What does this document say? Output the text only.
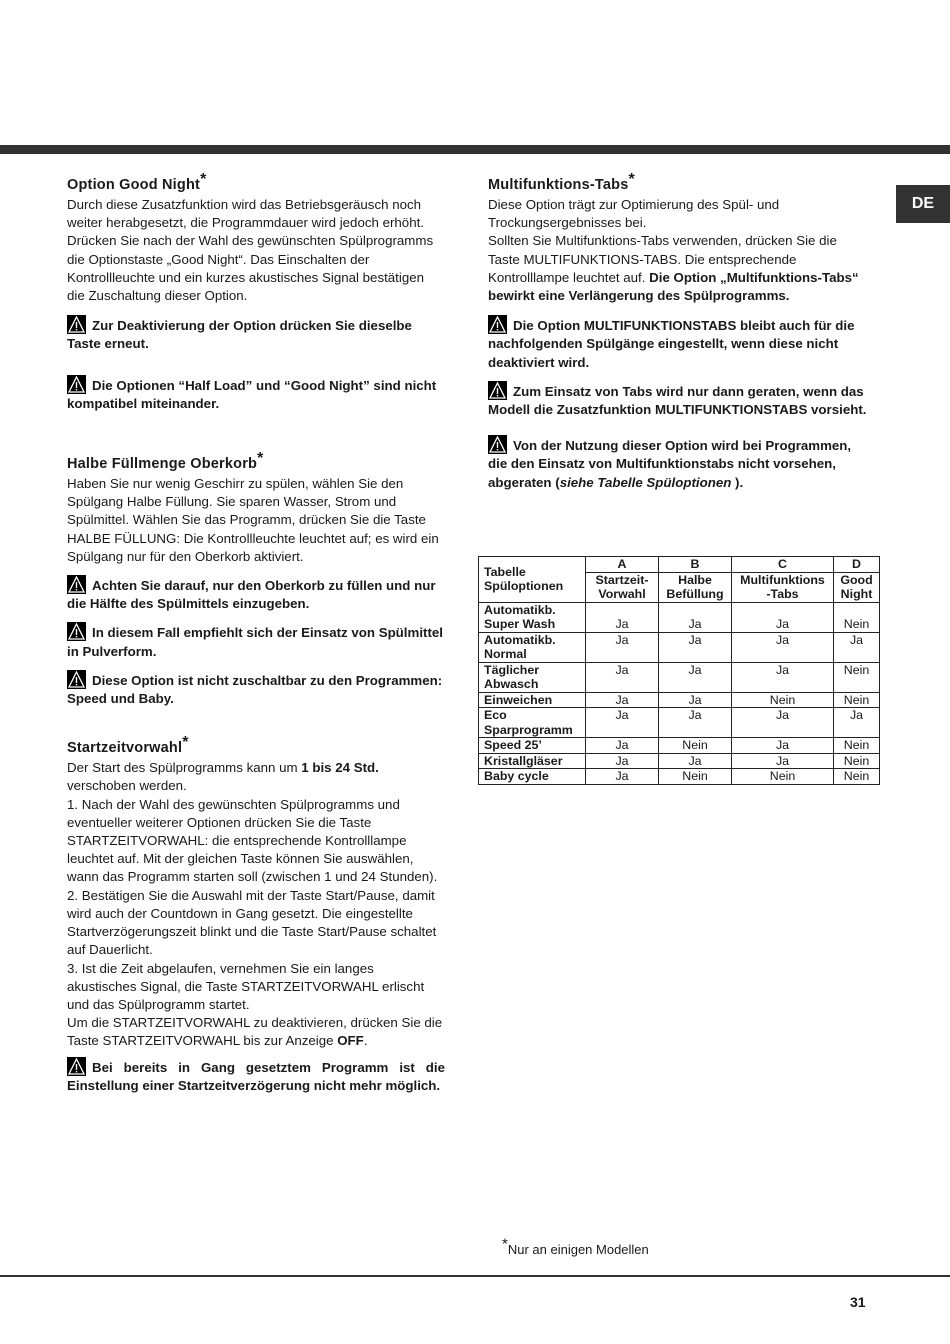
DE
Option Good Night*

Durch diese Zusatzfunktion wird das Betriebsgeräusch noch weiter herabgesetzt, die Programmdauer wird jedoch erhöht. Drücken Sie nach der Wahl des gewünschten Spülprogramms die Optionstaste „Good Night“. Das Einschalten der Kontrollleuchte und ein kurzes akustisches Signal bestätigen die Zuschaltung dieser Option.

Zur Deaktivierung der Option drücken Sie dieselbe Taste erneut.

Die Optionen “Half Load” und “Good Night” sind nicht kompatibel miteinander.

Halbe Füllmenge Oberkorb*

Haben Sie nur wenig Geschirr zu spülen, wählen Sie den Spülgang Halbe Füllung. Sie sparen Wasser, Strom und Spülmittel. Wählen Sie das Programm, drücken Sie die Taste HALBE FÜLLUNG: Die Kontrollleuchte leuchtet auf; es wird ein Spülgang nur für den Oberkorb aktiviert.

Achten Sie darauf, nur den Oberkorb zu füllen und nur die Hälfte des Spülmittels einzugeben.

In diesem Fall empfiehlt sich der Einsatz von Spülmittel in Pulverform.

Diese Option ist nicht zuschaltbar zu den Programmen: Speed und Baby.

Startzeitvorwahl*

Der Start des Spülprogramms kann um 1 bis 24 Std. verschoben werden.

1. Nach der Wahl des gewünschten Spülprogramms und eventueller weiterer Optionen drücken Sie die Taste STARTZEITVORWAHL: die entsprechende Kontrolllampe leuchtet auf. Mit der gleichen Taste können Sie auswählen, wann das Programm starten soll (zwischen 1 und 24 Stunden).

2. Bestätigen Sie die Auswahl mit der Taste Start/Pause, damit wird auch der Countdown in Gang gesetzt. Die eingestellte Startverzögerungszeit blinkt und die Taste Start/Pause schaltet auf Dauerlicht.

3. Ist die Zeit abgelaufen, vernehmen Sie ein langes akustisches Signal, die Taste STARTZEITVORWAHL erlischt und das Spülprogramm startet.

Um die STARTZEITVORWAHL zu deaktivieren, drücken Sie die Taste STARTZEITVORWAHL bis zur Anzeige OFF.

Bei bereits in Gang gesetztem Programm ist die Einstellung einer Startzeitverzögerung nicht mehr möglich.

Multifunktions-Tabs*

Diese Option trägt zur Optimierung des Spül- und Trockungsergebnisses bei.

Sollten Sie Multifunktions-Tabs verwenden, drücken Sie die Taste MULTIFUNKTIONS-TABS. Die entsprechende Kontrolllampe leuchtet auf. Die Option „Multifunktions-Tabs“ bewirkt eine Verlängerung des Spülprogramms.

Die Option MULTIFUNKTIONSTABS bleibt auch für die nachfolgenden Spülgänge eingestellt, wenn diese nicht deaktiviert wird.

Zum Einsatz von Tabs wird nur dann geraten, wenn das Modell die Zusatzfunktion MULTIFUNKTIONSTABS vorsieht.

Von der Nutzung dieser Option wird bei Programmen, die den Einsatz von Multifunktionstabs nicht vorsehen, abgeraten (siehe Tabelle Spüloptionen ).

Tabelle Spüloptionen	A	B	C	D
	Startzeit-Vorwahl	Halbe Befüllung	Multifunktions -Tabs	Good Night
Automatikb. Super Wash	Ja	Ja	Ja	Nein
Automatikb. Normal	Ja	Ja	Ja	Ja
Täglicher Abwasch	Ja	Ja	Ja	Nein
Einweichen	Ja	Ja	Nein	Nein
Eco Sparprogramm	Ja	Ja	Ja	Ja
Speed 25’	Ja	Nein	Ja	Nein
Kristallgläser	Ja	Ja	Ja	Nein
Baby cycle	Ja	Nein	Nein	Nein
*Nur an einigen Modellen
31
